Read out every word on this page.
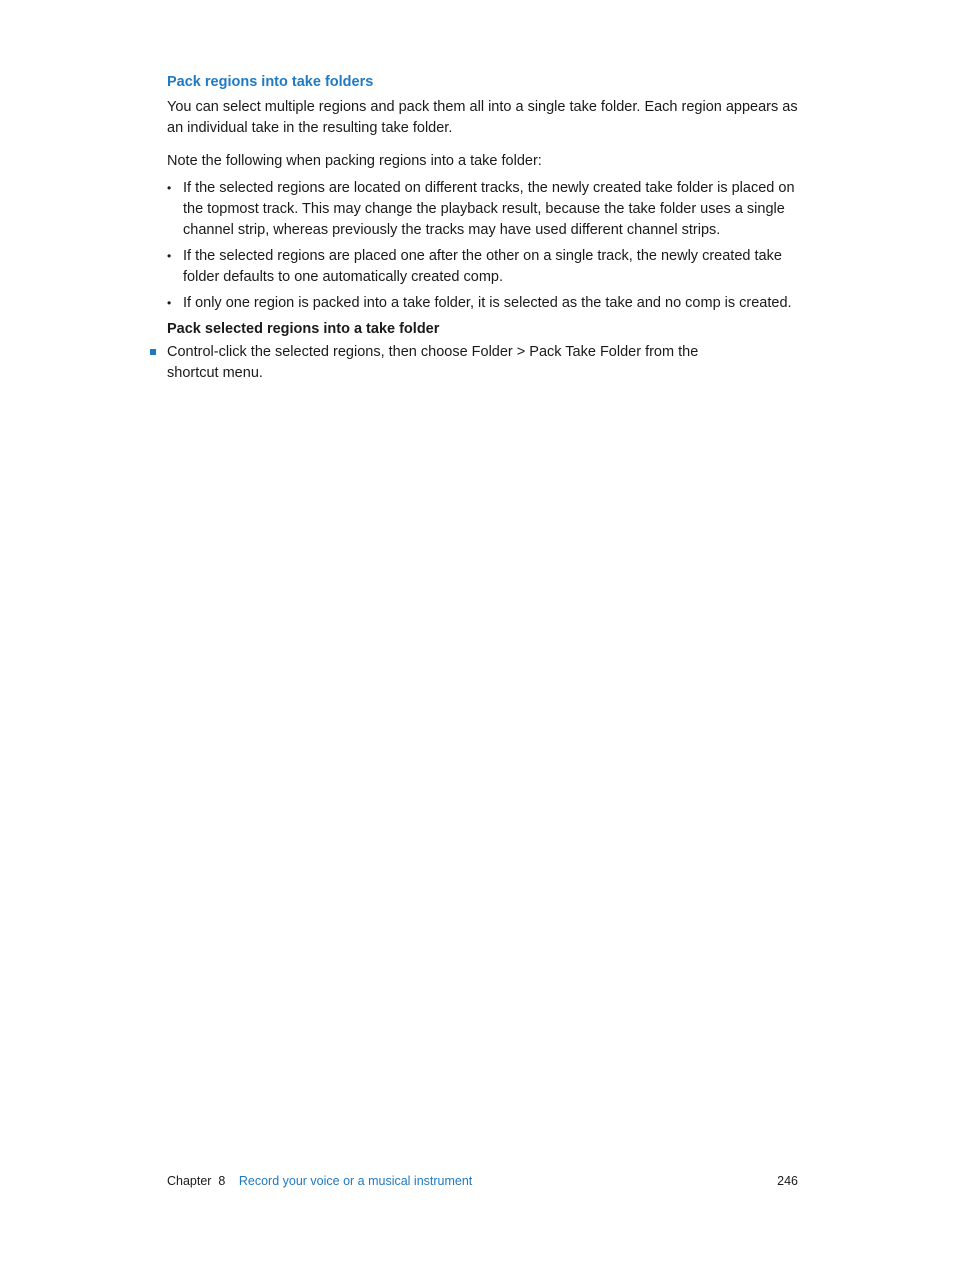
Pack regions into take folders

You can select multiple regions and pack them all into a single take folder. Each region appears as an individual take in the resulting take folder.

Note the following when packing regions into a take folder:

• If the selected regions are located on different tracks, the newly created take folder is placed on the topmost track. This may change the playback result, because the take folder uses a single channel strip, whereas previously the tracks may have used different channel strips.
• If the selected regions are placed one after the other on a single track, the newly created take folder defaults to one automatically created comp.
• If only one region is packed into a take folder, it is selected as the take and no comp is created.
Pack selected regions into a take folder
Control-click the selected regions, then choose Folder > Pack Take Folder from the shortcut menu.
Chapter  8 Record your voice or a musical instrument	246
